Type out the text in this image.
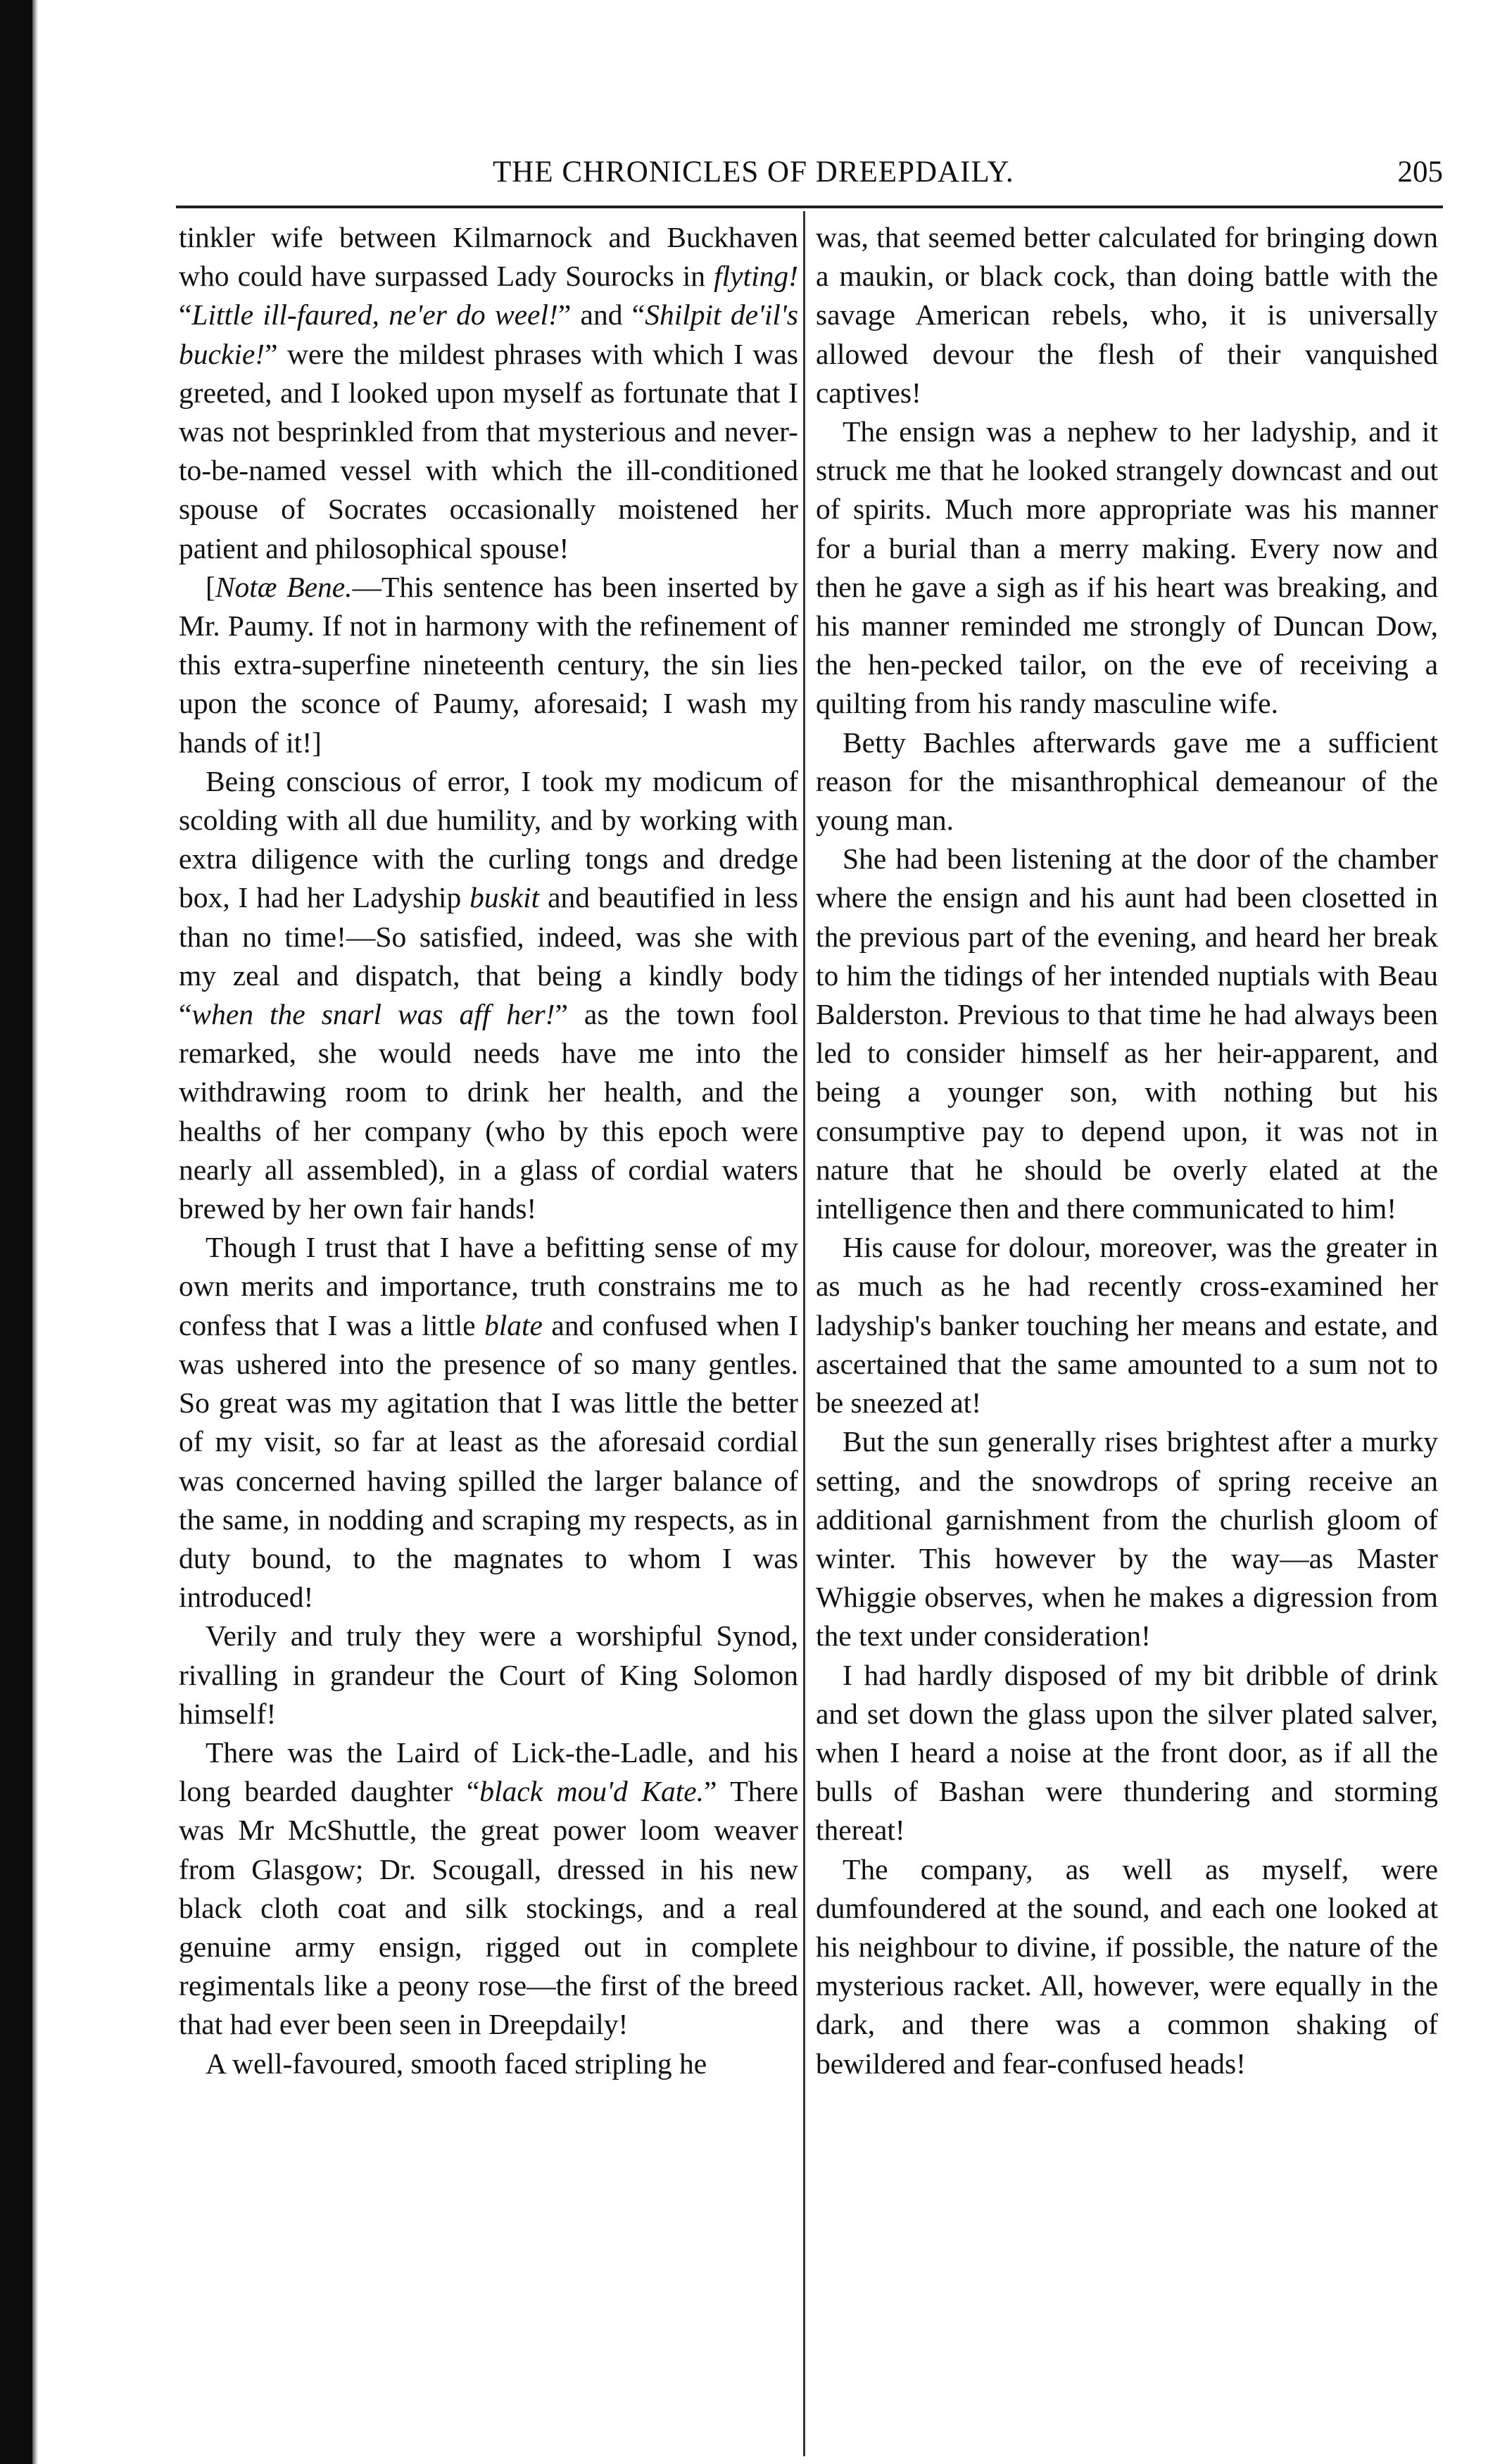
THE CHRONICLES OF DREEPDAILY.	205

tinkler wife between Kilmarnock and Buckhaven who could have surpassed Lady Sourocks in flyting! “Little ill-faured, ne'er do weel!” and “Shilpit de'il's buckie!” were the mildest phrases with which I was greeted, and I looked upon myself as fortunate that I was not besprinkled from that mysterious and never-to-be-named vessel with which the ill-conditioned spouse of Socrates occasionally moistened her patient and philosophical spouse!

[Notæ Bene.—This sentence has been inserted by Mr. Paumy. If not in harmony with the refinement of this extra-superfine nineteenth century, the sin lies upon the sconce of Paumy, aforesaid; I wash my hands of it!]

Being conscious of error, I took my modicum of scolding with all due humility, and by working with extra diligence with the curling tongs and dredge box, I had her Ladyship buskit and beautified in less than no time!—So satisfied, indeed, was she with my zeal and dispatch, that being a kindly body “when the snarl was aff her!” as the town fool remarked, she would needs have me into the withdrawing room to drink her health, and the healths of her company (who by this epoch were nearly all assembled), in a glass of cordial waters brewed by her own fair hands!

Though I trust that I have a befitting sense of my own merits and importance, truth constrains me to confess that I was a little blate and confused when I was ushered into the presence of so many gentles. So great was my agitation that I was little the better of my visit, so far at least as the aforesaid cordial was concerned having spilled the larger balance of the same, in nodding and scraping my respects, as in duty bound, to the magnates to whom I was introduced!

Verily and truly they were a worshipful Synod, rivalling in grandeur the Court of King Solomon himself!

There was the Laird of Lick-the-Ladle, and his long bearded daughter “black mou'd Kate.” There was Mr McShuttle, the great power loom weaver from Glasgow; Dr. Scougall, dressed in his new black cloth coat and silk stockings, and a real genuine army ensign, rigged out in complete regimentals like a peony rose—the first of the breed that had ever been seen in Dreepdaily!

A well-favoured, smooth faced stripling he

was, that seemed better calculated for bringing down a maukin, or black cock, than doing battle with the savage American rebels, who, it is universally allowed devour the flesh of their vanquished captives!

The ensign was a nephew to her ladyship, and it struck me that he looked strangely downcast and out of spirits. Much more appropriate was his manner for a burial than a merry making. Every now and then he gave a sigh as if his heart was breaking, and his manner reminded me strongly of Duncan Dow, the hen-pecked tailor, on the eve of receiving a quilting from his randy masculine wife.

Betty Bachles afterwards gave me a sufficient reason for the misanthrophical demeanour of the young man.

She had been listening at the door of the chamber where the ensign and his aunt had been closetted in the previous part of the evening, and heard her break to him the tidings of her intended nuptials with Beau Balderston. Previous to that time he had always been led to consider himself as her heir-apparent, and being a younger son, with nothing but his consumptive pay to depend upon, it was not in nature that he should be overly elated at the intelligence then and there communicated to him!

His cause for dolour, moreover, was the greater in as much as he had recently cross-examined her ladyship's banker touching her means and estate, and ascertained that the same amounted to a sum not to be sneezed at!

But the sun generally rises brightest after a murky setting, and the snowdrops of spring receive an additional garnishment from the churlish gloom of winter. This however by the way—as Master Whiggie observes, when he makes a digression from the text under consideration!

I had hardly disposed of my bit dribble of drink and set down the glass upon the silver plated salver, when I heard a noise at the front door, as if all the bulls of Bashan were thundering and storming thereat!

The company, as well as myself, were dumfoundered at the sound, and each one looked at his neighbour to divine, if possible, the nature of the mysterious racket. All, however, were equally in the dark, and there was a common shaking of bewildered and fear-confused heads!
